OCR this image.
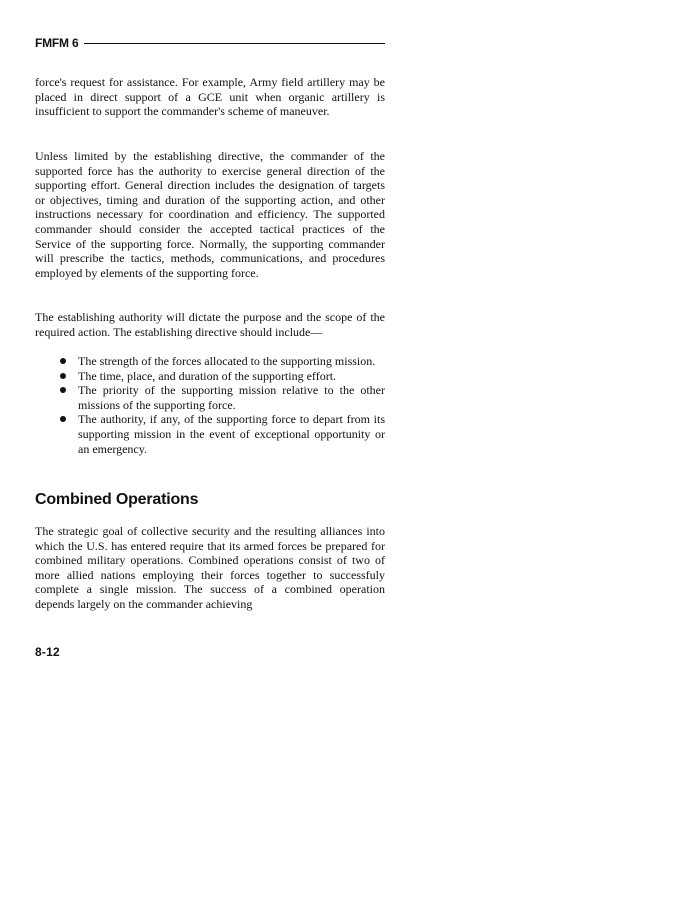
FMFM 6

force's request for assistance. For example, Army field artillery may be placed in direct support of a GCE unit when organic artillery is insufficient to support the commander's scheme of maneuver.

Unless limited by the establishing directive, the commander of the supported force has the authority to exercise general direction of the supporting effort. General direction includes the designation of targets or objectives, timing and duration of the supporting action, and other instructions necessary for coordination and efficiency. The supported commander should consider the accepted tactical practices of the Service of the supporting force. Normally, the supporting commander will prescribe the tactics, methods, communications, and procedures employed by elements of the supporting force.

The establishing authority will dictate the purpose and the scope of the required action. The establishing directive should include—

The strength of the forces allocated to the supporting mission.
The time, place, and duration of the supporting effort.
The priority of the supporting mission relative to the other missions of the supporting force.
The authority, if any, of the supporting force to depart from its supporting mission in the event of exceptional opportunity or an emergency.
Combined Operations

The strategic goal of collective security and the resulting alliances into which the U.S. has entered require that its armed forces be prepared for combined military operations. Combined operations consist of two of more allied nations employing their forces together to successfuly complete a single mission. The success of a combined operation depends largely on the commander achieving

8-12
